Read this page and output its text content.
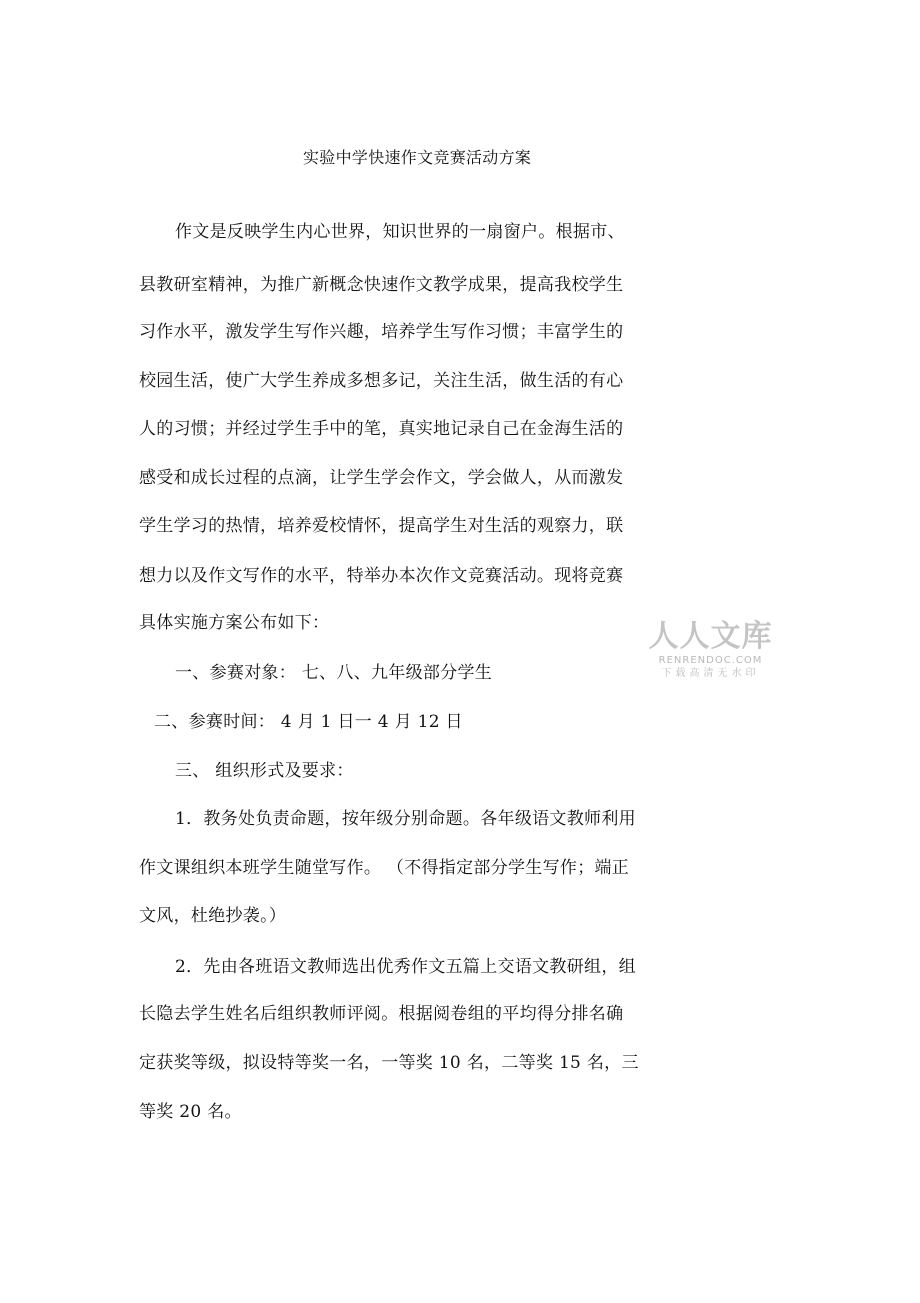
实验中学快速作文竞赛活动方案
作文是反映学生内心世界，知识世界的一扇窗户。根据市、
县教研室精神，为推广新概念快速作文教学成果，提高我校学生
习作水平，激发学生写作兴趣，培养学生写作习惯；丰富学生的
校园生活，使广大学生养成多想多记，关注生活，做生活的有心
人的习惯；并经过学生手中的笔，真实地记录自己在金海生活的
感受和成长过程的点滴，让学生学会作文，学会做人，从而激发
学生学习的热情，培养爱校情怀，提高学生对生活的观察力，联
想力以及作文写作的水平，特举办本次作文竞赛活动。现将竞赛
具体实施方案公布如下：
一、参赛对象： 七、八、九年级部分学生
二、参赛时间： 4 月 1 日一 4 月 12 日
三、 组织形式及要求：
1．教务处负责命题，按年级分别命题。各年级语文教师利用
作文课组织本班学生随堂写作。 （不得指定部分学生写作；端正
文风，杜绝抄袭。）
2．先由各班语文教师选出优秀作文五篇上交语文教研组，组
长隐去学生姓名后组织教师评阅。根据阅卷组的平均得分排名确
定获奖等级，拟设特等奖一名，一等奖 10 名，二等奖 15 名，三
等奖 20 名。
人人文库
RENRENDOC.COM
下载高清无水印
